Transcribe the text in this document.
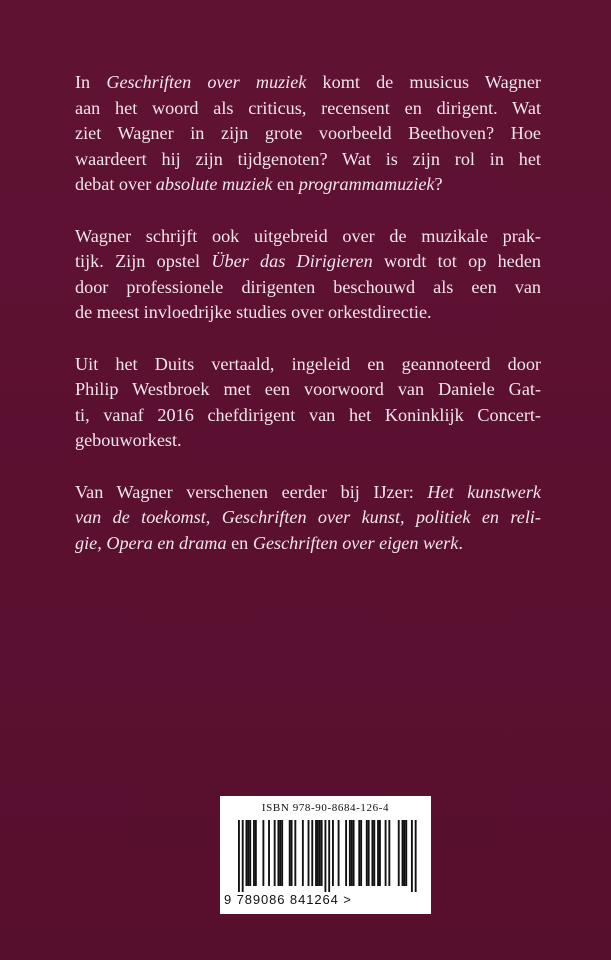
In Geschriften over muziek komt de musicus Wagner
aan het woord als criticus, recensent en dirigent. Wat
ziet Wagner in zijn grote voorbeeld Beethoven? Hoe
waardeert hij zijn tijdgenoten? Wat is zijn rol in het
debat over absolute muziek en programmamuziek?
Wagner schrijft ook uitgebreid over de muzikale prak-
tijk. Zijn opstel Über das Dirigieren wordt tot op heden
door professionele dirigenten beschouwd als een van
de meest invloedrijke studies over orkestdirectie.
Uit het Duits vertaald, ingeleid en geannoteerd door
Philip Westbroek met een voorwoord van Daniele Gat-
ti, vanaf 2016 chefdirigent van het Koninklijk Concert-
gebouworkest.
Van Wagner verschenen eerder bij IJzer: Het kunstwerk
van de toekomst, Geschriften over kunst, politiek en reli-
gie, Opera en drama en Geschriften over eigen werk.
ISBN 978-90-8684-126-4
9 789086 841264 >
